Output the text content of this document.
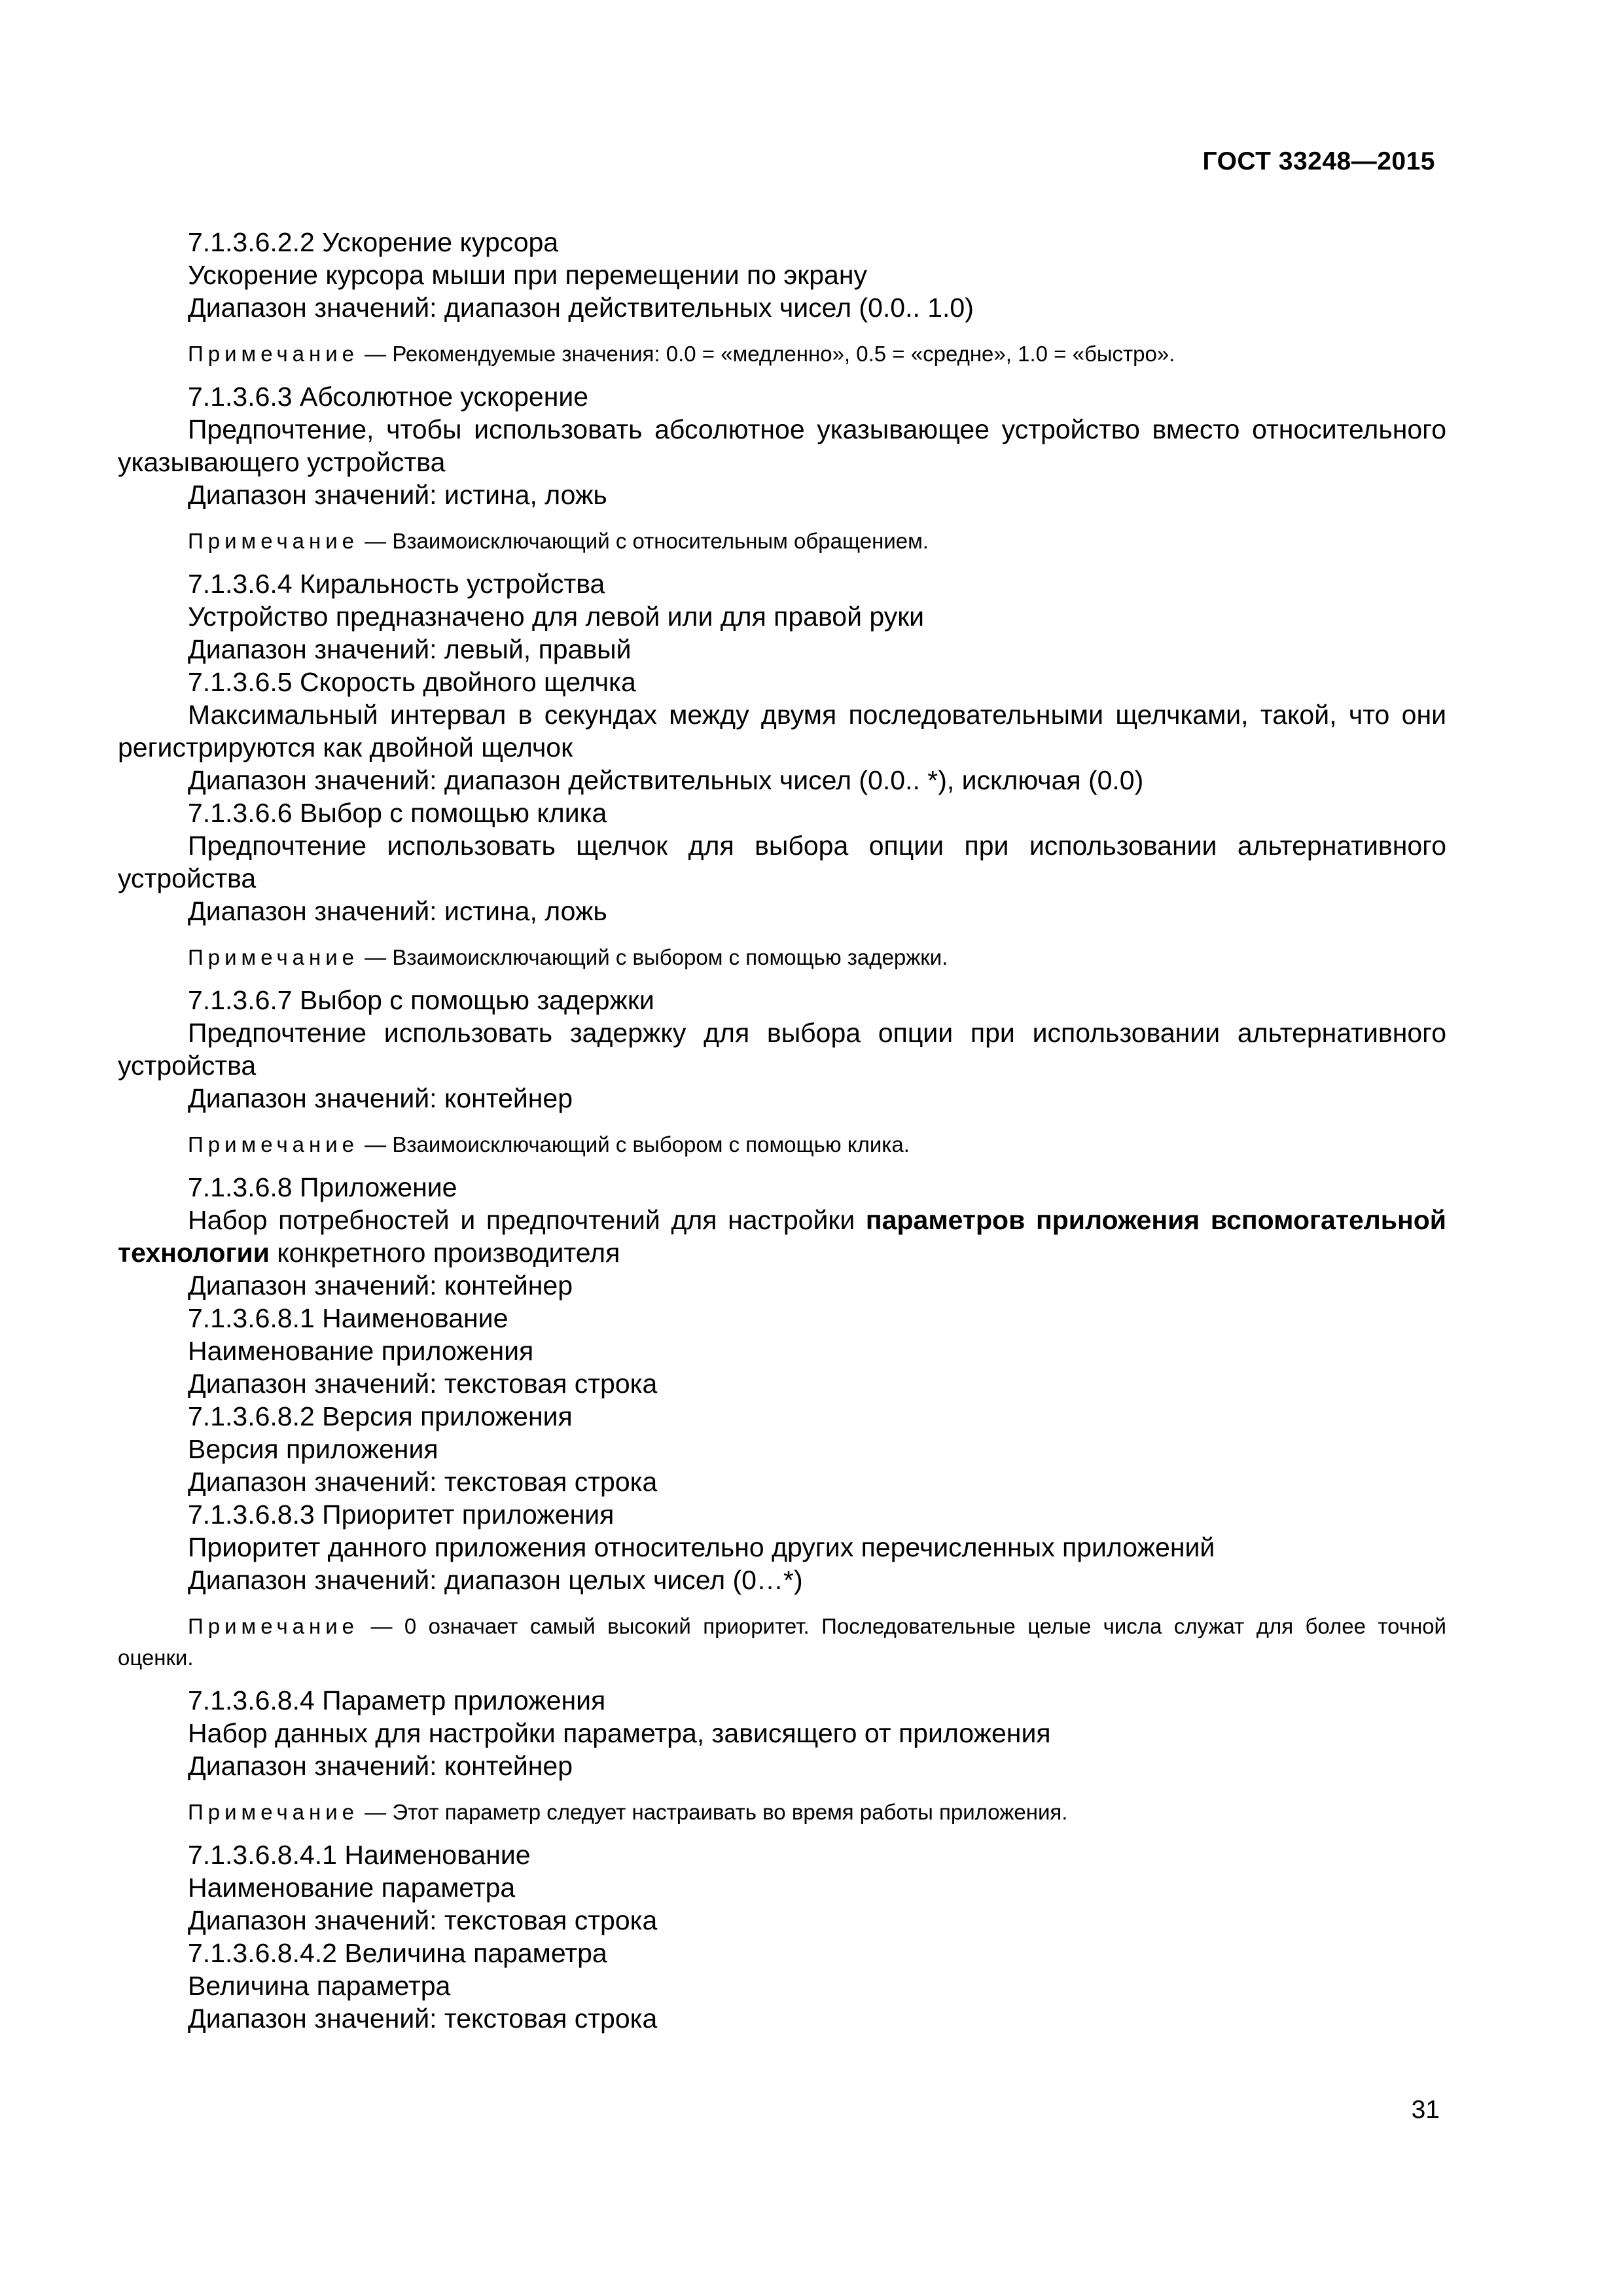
ГОСТ 33248—2015

7.1.3.6.2.2 Ускорение курсора

Ускорение курсора мыши при перемещении по экрану

Диапазон значений: диапазон действительных чисел (0.0.. 1.0)

Примечание — Рекомендуемые значения: 0.0 = «медленно», 0.5 = «средне», 1.0 = «быстро».

7.1.3.6.3 Абсолютное ускорение

Предпочтение, чтобы использовать абсолютное указывающее устройство вместо относительного указывающего устройства

Диапазон значений: истина, ложь

Примечание — Взаимоисключающий с относительным обращением.

7.1.3.6.4 Киральность устройства

Устройство предназначено для левой или для правой руки

Диапазон значений: левый, правый

7.1.3.6.5 Скорость двойного щелчка

Максимальный интервал в секундах между двумя последовательными щелчками, такой, что они регистрируются как двойной щелчок

Диапазон значений: диапазон действительных чисел (0.0.. *), исключая (0.0)

7.1.3.6.6 Выбор с помощью клика

Предпочтение использовать щелчок для выбора опции при использовании альтернативного устройства

Диапазон значений: истина, ложь

Примечание — Взаимоисключающий с выбором с помощью задержки.

7.1.3.6.7 Выбор с помощью задержки

Предпочтение использовать задержку для выбора опции при использовании альтернативного устройства

Диапазон значений: контейнер

Примечание — Взаимоисключающий с выбором с помощью клика.

7.1.3.6.8 Приложение

Набор потребностей и предпочтений для настройки параметров приложения вспомогательной технологии конкретного производителя

Диапазон значений: контейнер

7.1.3.6.8.1 Наименование

Наименование приложения

Диапазон значений: текстовая строка

7.1.3.6.8.2 Версия приложения

Версия приложения

Диапазон значений: текстовая строка

7.1.3.6.8.3 Приоритет приложения

Приоритет данного приложения относительно других перечисленных приложений

Диапазон значений: диапазон целых чисел (0…*)

Примечание — 0 означает самый высокий приоритет. Последовательные целые числа служат для более точной оценки.

7.1.3.6.8.4 Параметр приложения

Набор данных для настройки параметра, зависящего от приложения

Диапазон значений: контейнер

Примечание — Этот параметр следует настраивать во время работы приложения.

7.1.3.6.8.4.1 Наименование

Наименование параметра

Диапазон значений: текстовая строка

7.1.3.6.8.4.2 Величина параметра

Величина параметра

Диапазон значений: текстовая строка

31
